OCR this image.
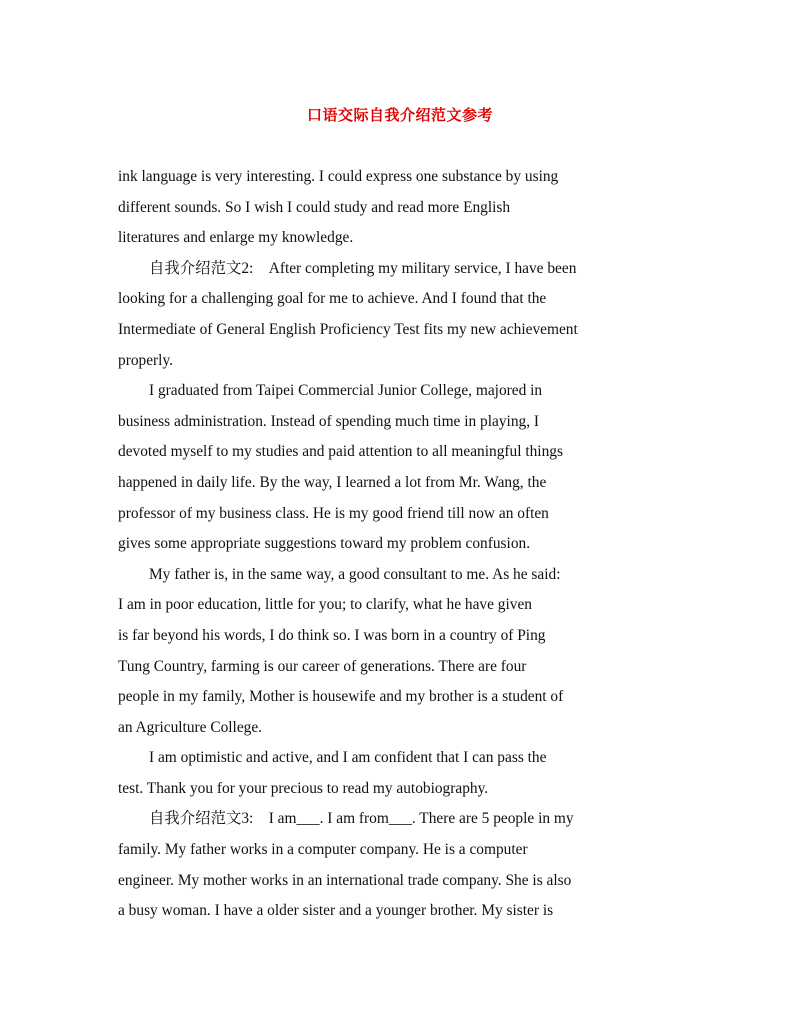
口语交际自我介绍范文参考
ink language is very interesting. I could express one substance by using
different sounds. So I wish I could study and read more English
literatures and enlarge my knowledge.
自我介绍范文2:    After completing my military service, I have been
looking for a challenging goal for me to achieve. And I found that the
Intermediate of General English Proficiency Test fits my new achievement
properly.
I graduated from Taipei Commercial Junior College, majored in
business administration. Instead of spending much time in playing, I
devoted myself to my studies and paid attention to all meaningful things
happened in daily life. By the way, I learned a lot from Mr. Wang, the
professor of my business class. He is my good friend till now an often
gives some appropriate suggestions toward my problem confusion.
My father is, in the same way, a good consultant to me. As he said:
I am in poor education, little for you; to clarify, what he have given
is far beyond his words, I do think so. I was born in a country of Ping
Tung Country, farming is our career of generations. There are four
people in my family, Mother is housewife and my brother is a student of
an Agriculture College.
I am optimistic and active, and I am confident that I can pass the
test. Thank you for your precious to read my autobiography.
自我介绍范文3:    I am___. I am from___. There are 5 people in my
family. My father works in a computer company. He is a computer
engineer. My mother works in an international trade company. She is also
a busy woman. I have a older sister and a younger brother. My sister is
